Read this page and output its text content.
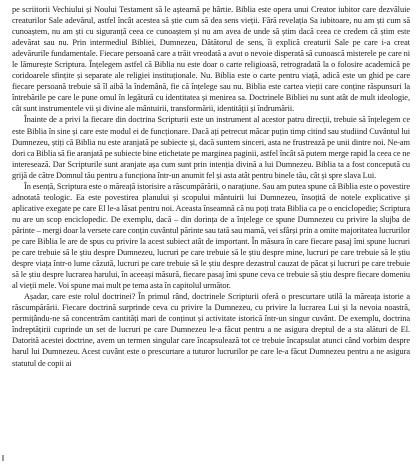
pe scriitorii Vechiului și Noului Testament să le aștearnă pe hârtie. Biblia este opera unui Creator iubitor care dezvăluie creaturilor Sale adevărul, astfel încât acestea să știe cum să dea sens vieții. Fără revelația Sa iubitoare, nu am ști cum să cunoaștem, nu am ști cu siguranță ceea ce cunoaștem și nu am avea de unde să știm dacă ceea ce credem că știm este adevărat sau nu. Prin intermediul Bibliei, Dumnezeu, Dătătorul de sens, îi explică creaturii Sale pe care i-a creat adevărurile fundamentale. Fiecare persoană care a trăit vreodată a avut o nevoie disperată să cunoască misterele pe care ni le lămurește Scriptura. Înțelegem astfel că Biblia nu este doar o carte religioasă, retrogradată la o folosire academică pe coridoarele sfințite și separate ale religiei instituționale. Nu. Biblia este o carte pentru viață, adică este un ghid pe care fiecare persoană trebuie să îl aibă la îndemână, fie că înțelege sau nu. Biblia este cartea vieții care conține răspunsuri la întrebările pe care le pune omul în legătură cu identitatea și menirea sa. Doctrinele Bibliei nu sunt atât de mult ideologie, cât sunt instrumentele vii și divine ale mântuirii, transformării, identității și îndrumării.

Înainte de a privi la fiecare din doctrina Scripturii este un instrument al acestor patru direcții, trebuie să înțelegem ce este Biblia în sine și care este modul ei de funcționare. Dacă ați petrecut măcar puțin timp citind sau studiind Cuvântul lui Dumnezeu, știți că Biblia nu este aranjată pe subiecte și, dacă suntem sinceri, asta ne frustrează pe unii dintre noi. Ne-am dori ca Biblia să fie aranjată pe subiecte bine etichetate pe marginea paginii, astfel încât să putem merge rapid la ceea ce ne interesează. Dar Scripturile sunt aranjate așa cum sunt prin intenția divină a lui Dumnezeu. Biblia ta a fost concepută cu grijă de către Domnul tău pentru a funcționa într-un anumit fel și asta atât pentru binele tău, cât și spre slava Lui.

În esență, Scriptura este o măreață istorisire a răscumpărării, o narațiune. Sau am putea spune că Biblia este o povestire adnotată teologic. Ea este povestirea planului și scopului mântuirii lui Dumnezeu, însoțită de notele explicative și aplicative exegate pe care El le-a lăsat pentru noi. Aceasta înseamnă că nu poți trata Biblia ca pe o enciclopedie; Scriptura nu are un scop enciclopedic. De exemplu, dacă – din dorința de a înțelege ce spune Dumnezeu cu privire la slujba de părinte – mergi doar la versete care conțin cuvântul părinte sau tată sau mamă, vei sfârși prin a omite majoritatea lucrurilor pe care Biblia le are de spus cu privire la acest subiect atât de important. În măsura în care fiecare pasaj îmi spune lucruri pe care trebuie să le știu despre Dumnezeu, lucruri pe care trebuie să le știu despre mine, lucruri pe care trebuie să le știu despre viața într-o lume căzută, lucruri pe care trebuie să le știu despre dezastrul cauzat de păcat și lucruri pe care trebuie să le știu despre lucrarea harului, în aceeași măsură, fiecare pasaj îmi spune ceva ce trebuie să știu despre fiecare domeniu al vieții mele. Voi spune mai mult pe tema asta în capitolul următor.

Așadar, care este rolul doctrinei? În primul rând, doctrinele Scripturii oferă o prescurtare utilă la măreața istorie a răscumpărării. Fiecare doctrină surprinde ceva cu privire la Dumnezeu, cu privire la lucrarea Lui și la nevoia noastră, permițându-ne să concentrăm cantități mari de conținut și activitate istorică într-un singur cuvânt. De exemplu, doctrina îndreptățirii cuprinde un set de lucruri pe care Dumnezeu le-a făcut pentru a ne asigura dreptul de a sta alături de El. Datorită acestei doctrine, avem un termen singular care încapsulează tot ce trebuie încapsulat atunci când vorbim despre harul lui Dumnezeu. Acest cuvânt este o prescurtare a tuturor lucrurilor pe care le-a făcut Dumnezeu pentru a ne asigura statutul de copii ai
